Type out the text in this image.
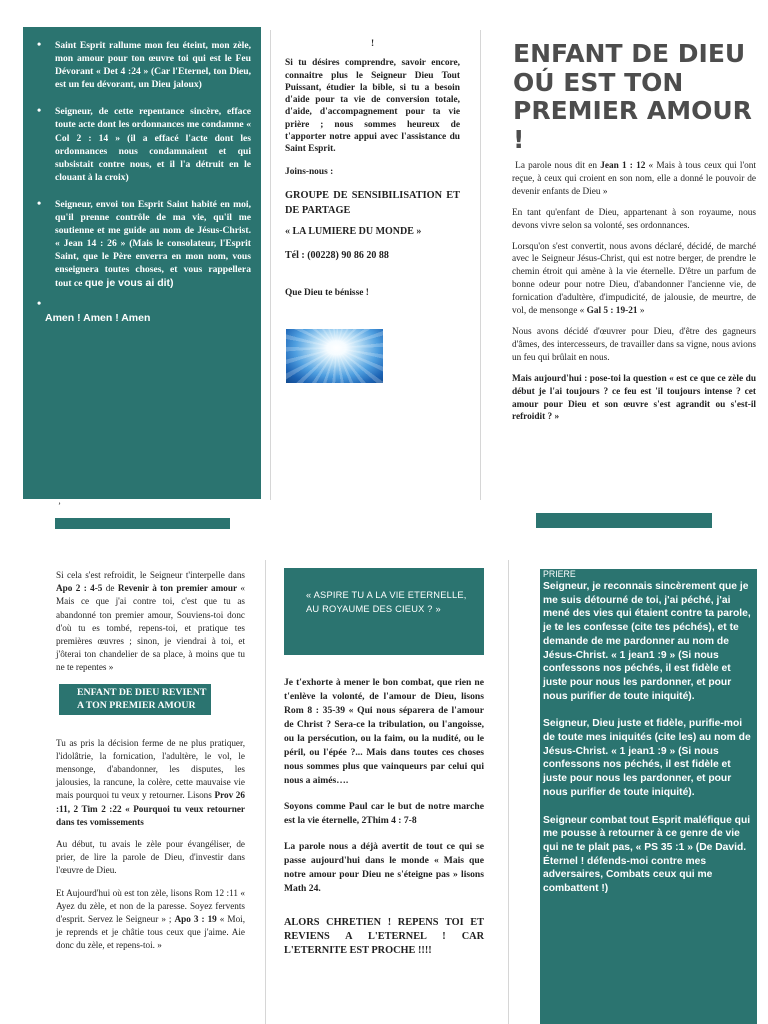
• Saint Esprit rallume mon feu éteint, mon zèle, mon amour pour ton œuvre toi qui est le Feu Dévorant « Det 4 :24 » (Car l'Eternel, ton Dieu, est un feu dévorant, un Dieu jaloux)
• Seigneur, de cette repentance sincère, efface toute acte dont les ordonnances me condamne « Col 2 : 14 » (il a effacé l'acte dont les ordonnances nous condamnaient et qui subsistait contre nous, et il l'a détruit en le clouant à la croix)
• Seigneur, envoi ton Esprit Saint habité en moi, qu'il prenne contrôle de ma vie, qu'il me soutienne et me guide au nom de Jésus-Christ. « Jean 14 : 26 » (Mais le consolateur, l'Esprit Saint, que le Père enverra en mon nom, vous enseignera toutes choses, et vous rappellera tout ce que je vous ai dit)
•
Amen ! Amen ! Amen
!
Si tu désires comprendre, savoir encore, connaitre plus le Seigneur Dieu Tout Puissant, étudier la bible, si tu a besoin d'aide pour ta vie de conversion totale, d'aide, d'accompagnement pour ta vie prière ; nous sommes heureux de t'apporter notre appui avec l'assistance du Saint Esprit.
Joins-nous :
GROUPE DE SENSIBILISATION ET DE PARTAGE
« LA LUMIERE DU MONDE »
Tél : (00228) 90 86 20 88
Que Dieu te bénisse !
ENFANT DE DIEU OÚ EST TON PREMIER AMOUR !

La parole nous dit en Jean 1 : 12 « Mais à tous ceux qui l'ont reçue, à ceux qui croient en son nom, elle a donné le pouvoir de devenir enfants de Dieu »

En tant qu'enfant de Dieu, appartenant à son royaume, nous devons vivre selon sa volonté, ses ordonnances.

Lorsqu'on s'est convertit, nous avons déclaré, décidé, de marché avec le Seigneur Jésus-Christ, qui est notre berger, de prendre le chemin étroit qui amène à la vie éternelle. D'être un parfum de bonne odeur pour notre Dieu, d'abandonner l'ancienne vie, de fornication d'adultère, d'impudicité, de jalousie, de meurtre, de vol, de mensonge « Gal 5 : 19-21 »

Nous avons décidé d'œuvrer pour Dieu, d'être des gagneurs d'âmes, des intercesseurs, de travailler dans sa vigne, nous avions un feu qui brûlait en nous.

Mais aujourd'hui : pose-toi la question « est ce que ce zèle du début je l'ai toujours ? ce feu est 'il toujours intense ? cet amour pour Dieu et son œuvre s'est agrandit ou s'est-il refroidit ? »

’

Si cela s'est refroidit, le Seigneur t'interpelle dans Apo 2 : 4-5 de Revenir à ton premier amour « Mais ce que j'ai contre toi, c'est que tu as abandonné ton premier amour, Souviens-toi donc d'où tu es tombé, repens-toi, et pratique tes premières œuvres ; sinon, je viendrai à toi, et j'ôterai ton chandelier de sa place, à moins que tu ne te repentes »

ENFANT DE DIEU REVIENT A TON PREMIER AMOUR

Tu as pris la décision ferme de ne plus pratiquer, l'idolâtrie, la fornication, l'adultère, le vol, le mensonge, d'abandonner, les disputes, les jalousies, la rancune, la colère, cette mauvaise vie mais pourquoi tu veux y retourner. Lisons Prov 26 :11, 2 Tim 2 :22 « Pourquoi tu veux retourner dans tes vomissements

Au début, tu avais le zèle pour évangéliser, de prier, de lire la parole de Dieu, d'investir dans l'œuvre de Dieu.

Et Aujourd'hui où est ton zèle, lisons Rom 12 :11 « Ayez du zèle, et non de la paresse. Soyez fervents d'esprit. Servez le Seigneur » ; Apo 3 : 19 « Moi, je reprends et je châtie tous ceux que j'aime. Aie donc du zèle, et repens-toi. »

« ASPIRE TU A LA VIE ETERNELLE, AU ROYAUME DES CIEUX ? »

Je t'exhorte à mener le bon combat, que rien ne t'enlève la volonté, de l'amour de Dieu, lisons Rom 8 : 35-39 « Qui nous séparera de l'amour de Christ ? Sera-ce la tribulation, ou l'angoisse, ou la persécution, ou la faim, ou la nudité, ou le péril, ou l'épée ?... Mais dans toutes ces choses nous sommes plus que vainqueurs par celui qui nous a aimés….

Soyons comme Paul car le but de notre marche est la vie éternelle, 2Thim 4 : 7-8

La parole nous a déjà avertit de tout ce qui se passe aujourd'hui dans le monde « Mais que notre amour pour Dieu ne s'éteigne pas » lisons Math 24.

ALORS CHRETIEN ! REPENS TOI ET REVIENS A L'ETERNEL ! CAR L'ETERNITE EST PROCHE !!!!

PRIERE

Seigneur, je reconnais sincèrement que je me suis détourné de toi, j'ai péché, j'ai mené des vies qui étaient contre ta parole, je te les confesse (cite tes péchés), et te demande de me pardonner au nom de Jésus-Christ. « 1 jean1 :9 » (Si nous confessons nos péchés, il est fidèle et juste pour nous les pardonner, et pour nous purifier de toute iniquité).

Seigneur, Dieu juste et fidèle, purifie-moi de toute mes iniquités (cite les) au nom de Jésus-Christ. « 1 jean1 :9 » (Si nous confessons nos péchés, il est fidèle et juste pour nous les pardonner, et pour nous purifier de toute iniquité).

Seigneur combat tout Esprit maléfique qui me pousse à retourner à ce genre de vie qui ne te plait pas, « PS 35 :1 » (De David. Éternel ! défends-moi contre mes adversaires, Combats ceux qui me combattent !)
